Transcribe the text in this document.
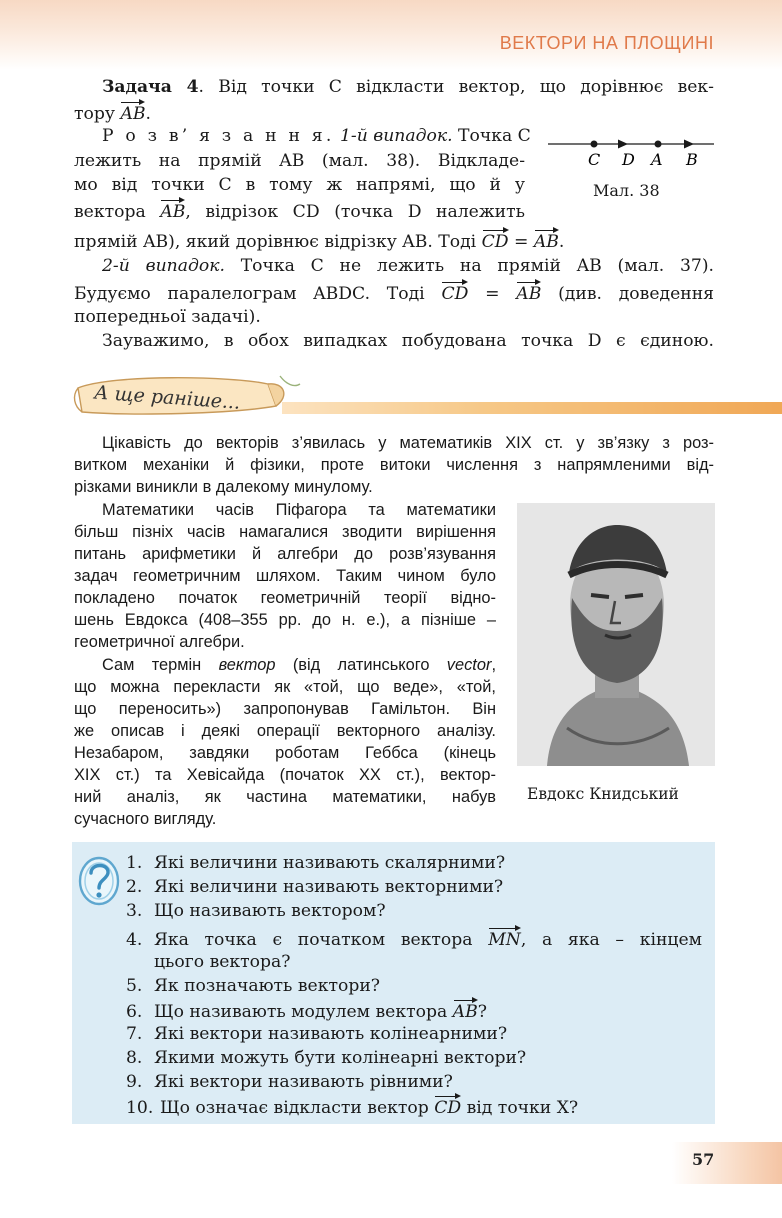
ВЕКТОРИ НА ПЛОЩИНІ

Задача 4. Від точки C відкласти вектор, що дорівнює век-

тору AB.

Р о з в’ я з а н н я. 1-й випадок. Точка C

лежить на прямій AB (мал. 38). Відкладе-

мо від точки C в тому ж напрямі, що й у

вектора AB, відрізок CD (точка D належить

прямій AB), який дорівнює відрізку AB. Тоді CD = AB.

2-й випадок. Точка C не лежить на прямій AB (мал. 37).

Будуємо паралелограм ABDC. Тоді CD = AB (див. доведення

попередньої задачі).

Зауважимо, в обох випадках побудована точка D є єдиною.

C D A B
Мал. 38
А ще раніше...

Цікавість до векторів з’явилась у математиків XIX ст. у зв’язку з роз-

витком механіки й фізики, проте витоки числення з напрямленими від-

різками виникли в далекому минулому.

Математики часів Піфагора та математики

більш пізніх часів намагалися зводити вирішення

питань арифметики й алгебри до розв’язування

задач геометричним шляхом. Таким чином було

покладено початок геометричній теорії відно-

шень Евдокса (408–355 рр. до н. е.), а пізніше –

геометричної алгебри.

Сам термін вектор (від латинського vector,

що можна перекласти як «той, що веде», «той,

що переносить») запропонував Гамільтон. Він

же описав і деякі операції векторного аналізу.

Незабаром, завдяки роботам Геббса (кінець

XIX ст.) та Хевісайда (початок XX ст.), вектор-

ний аналіз, як частина математики, набув

сучасного вигляду.

Евдокс Книдський

1. Які величини називають скалярними?

2. Які величини називають векторними?

3. Що називають вектором?

4. Яка точка є початком вектора MN, а яка – кінцем

цього вектора?

5. Як позначають вектори?

6. Що називають модулем вектора AB?

7. Які вектори називають колінеарними?

8. Якими можуть бути колінеарні вектори?

9. Які вектори називають рівними?

10. Що означає відкласти вектор CD від точки X?

57
